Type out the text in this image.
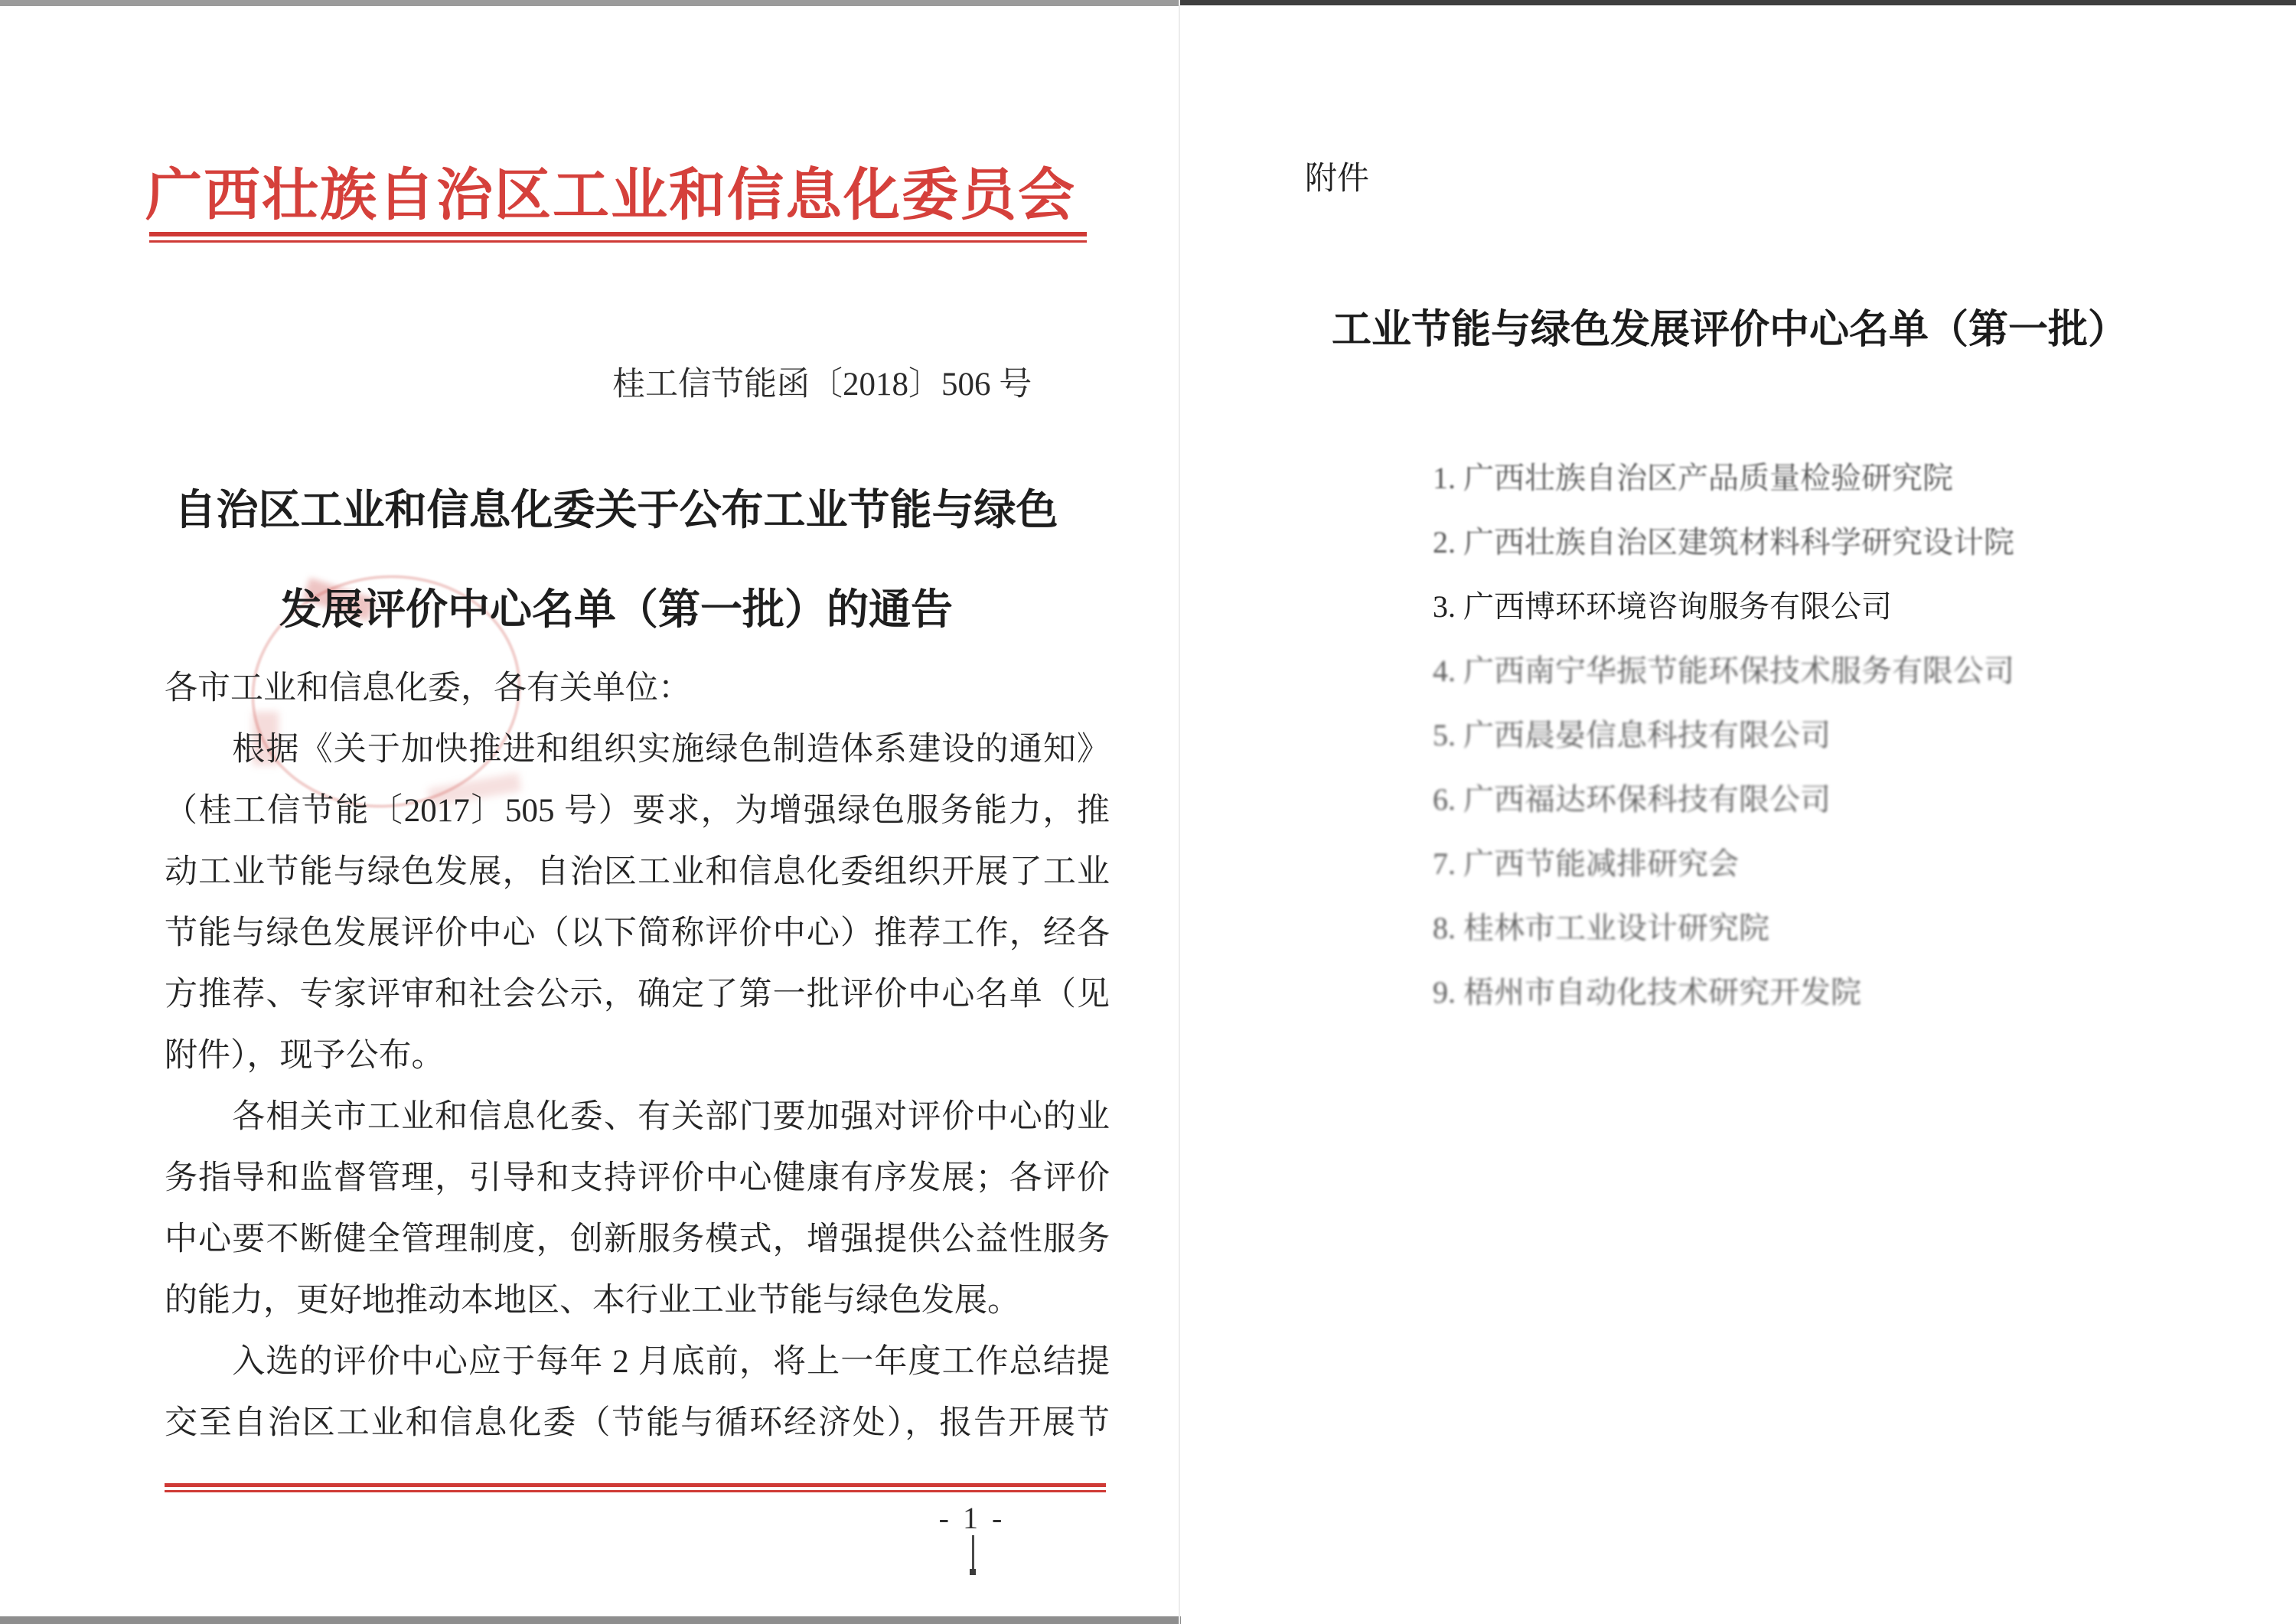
广西壮族自治区工业和信息化委员会
桂工信节能函〔2018〕506 号
自治区工业和信息化委关于公布工业节能与绿色
发展评价中心名单（第一批）的通告
各市工业和信息化委，各有关单位：
　　根据《关于加快推进和组织实施绿色制造体系建设的通知》
（桂工信节能〔2017〕505 号）要求，为增强绿色服务能力，推
动工业节能与绿色发展，自治区工业和信息化委组织开展了工业
节能与绿色发展评价中心（以下简称评价中心）推荐工作，经各
方推荐、专家评审和社会公示，确定了第一批评价中心名单（见
附件），现予公布。
　　各相关市工业和信息化委、有关部门要加强对评价中心的业
务指导和监督管理，引导和支持评价中心健康有序发展；各评价
中心要不断健全管理制度，创新服务模式，增强提供公益性服务
的能力，更好地推动本地区、本行业工业节能与绿色发展。
　　入选的评价中心应于每年 2 月底前，将上一年度工作总结提
交至自治区工业和信息化委（节能与循环经济处），报告开展节
- 1 -
附件
工业节能与绿色发展评价中心名单（第一批）
1. 广西壮族自治区产品质量检验研究院
2. 广西壮族自治区建筑材料科学研究设计院
3. 广西博环环境咨询服务有限公司
4. 广西南宁华振节能环保技术服务有限公司
5. 广西晨晏信息科技有限公司
6. 广西福达环保科技有限公司
7. 广西节能减排研究会
8. 桂林市工业设计研究院
9. 梧州市自动化技术研究开发院
